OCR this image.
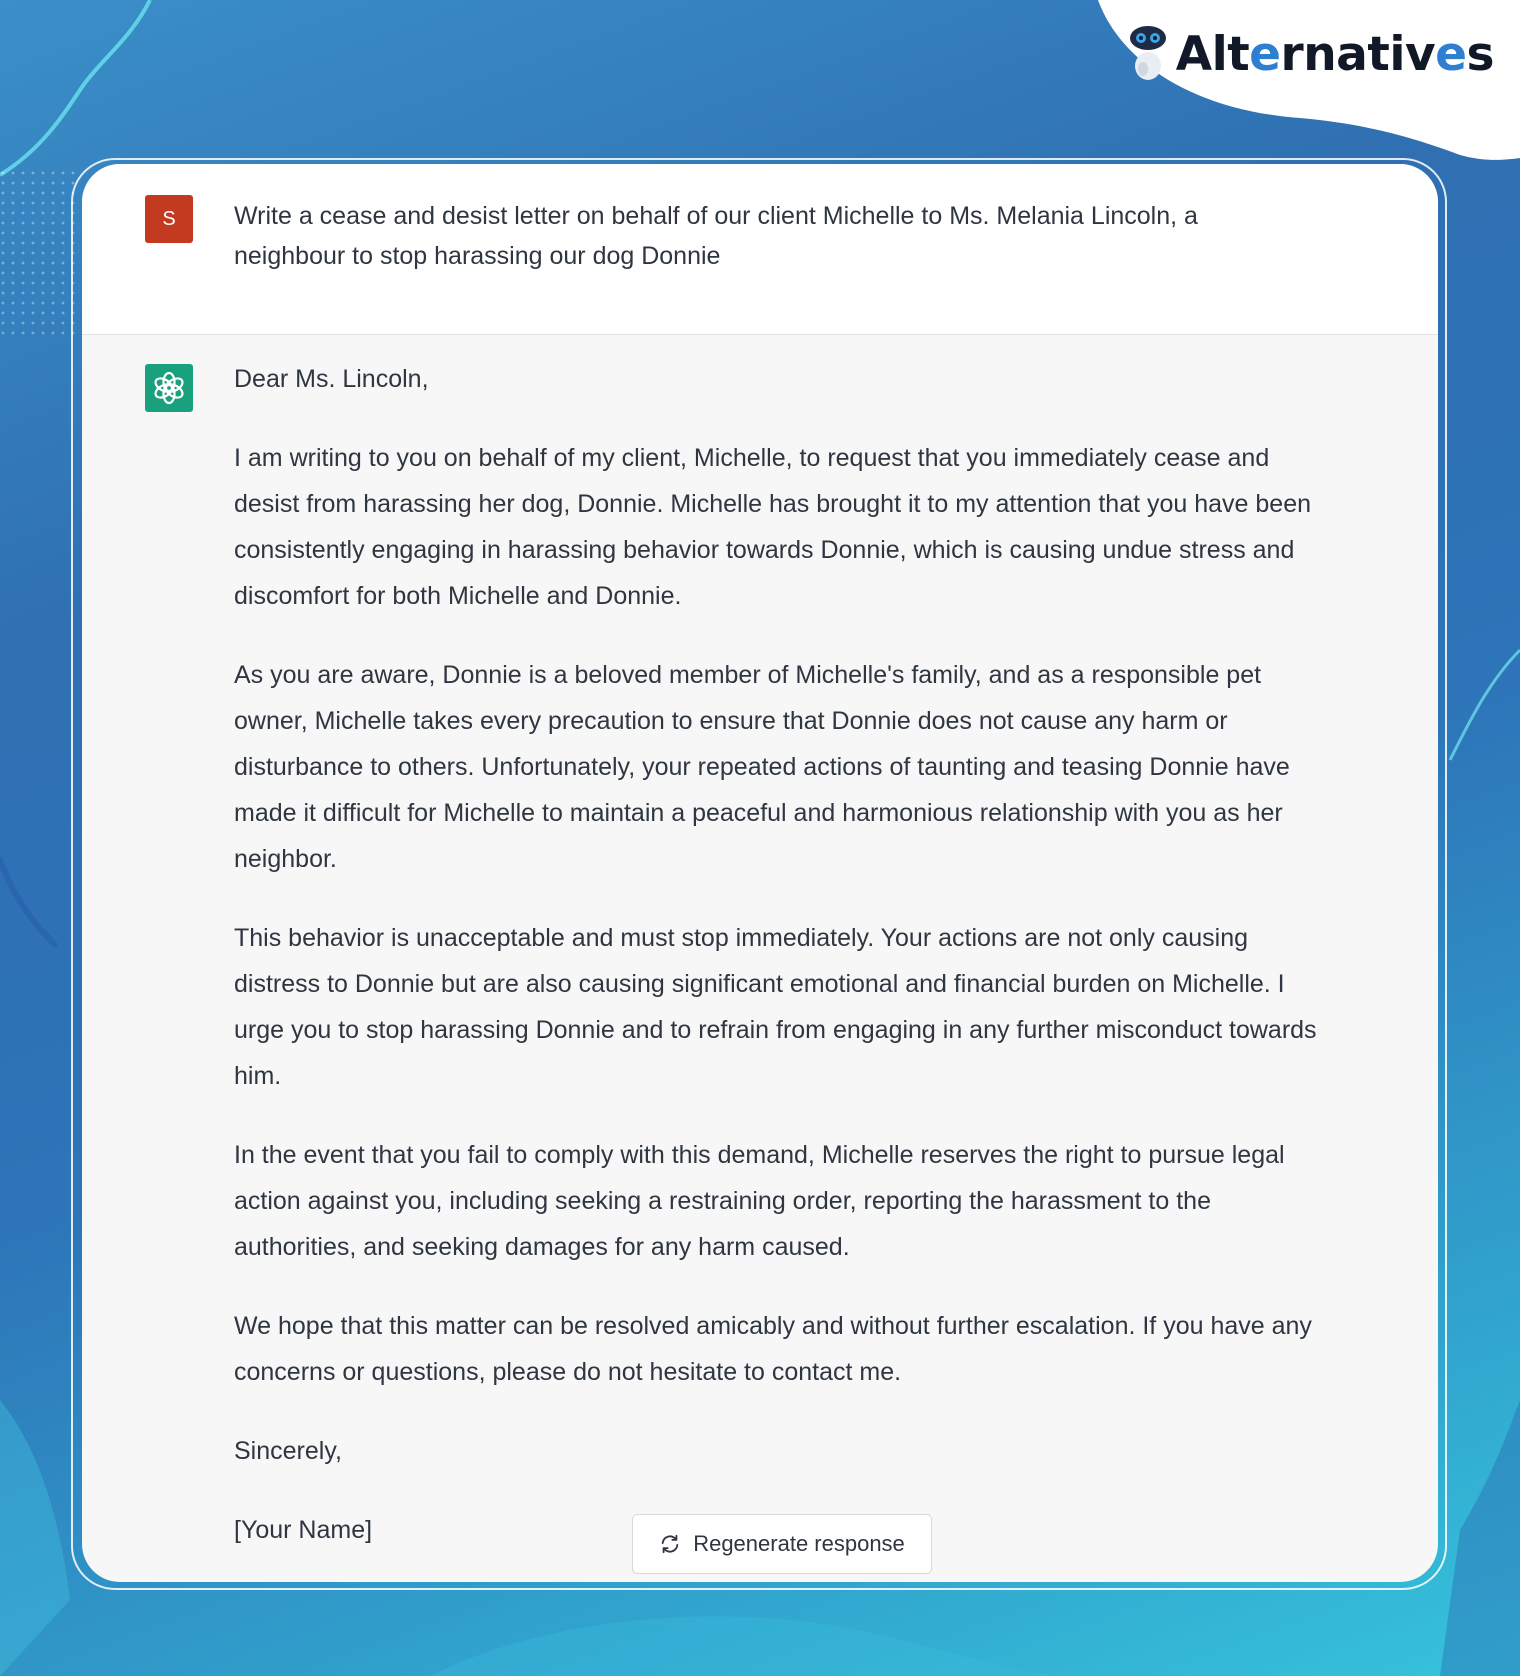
Alternatives
S	Write a cease and desist letter on behalf of our client Michelle to Ms. Melania Lincoln, a neighbour to stop harassing our dog Donnie

Dear Ms. Lincoln,

I am writing to you on behalf of my client, Michelle, to request that you immediately cease and desist from harassing her dog, Donnie. Michelle has brought it to my attention that you have been consistently engaging in harassing behavior towards Donnie, which is causing undue stress and discomfort for both Michelle and Donnie.

As you are aware, Donnie is a beloved member of Michelle's family, and as a responsible pet owner, Michelle takes every precaution to ensure that Donnie does not cause any harm or disturbance to others. Unfortunately, your repeated actions of taunting and teasing Donnie have made it difficult for Michelle to maintain a peaceful and harmonious relationship with you as her neighbor.

This behavior is unacceptable and must stop immediately. Your actions are not only causing distress to Donnie but are also causing significant emotional and financial burden on Michelle. I urge you to stop harassing Donnie and to refrain from engaging in any further misconduct towards him.

In the event that you fail to comply with this demand, Michelle reserves the right to pursue legal action against you, including seeking a restraining order, reporting the harassment to the authorities, and seeking damages for any harm caused.

We hope that this matter can be resolved amicably and without further escalation. If you have any concerns or questions, please do not hesitate to contact me.

Sincerely,

[Your Name]	Regenerate response
